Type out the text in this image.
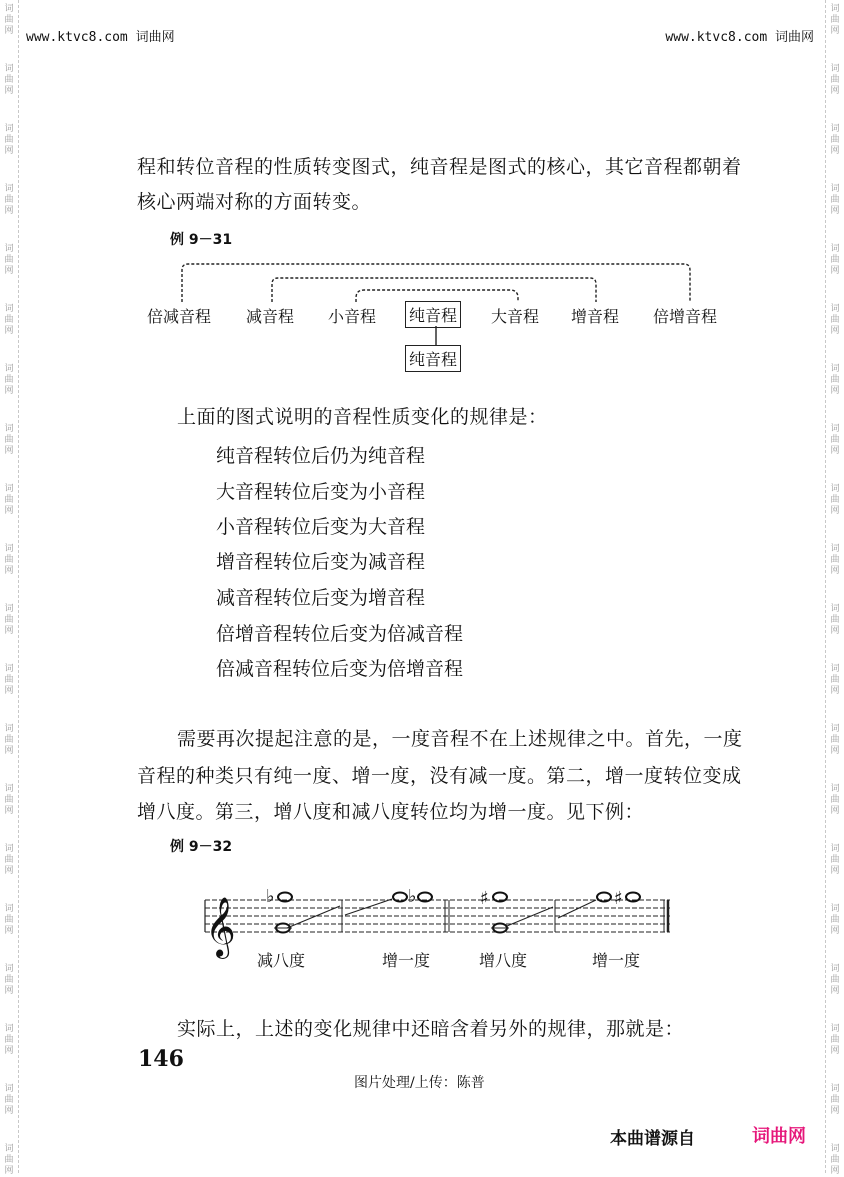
词
曲
网
词
曲
网
词
曲
网
词
曲
网
词
曲
网
词
曲
网
词
曲
网
词
曲
网
词
曲
网
词
曲
网
词
曲
网
词
曲
网
词
曲
网
词
曲
网
词
曲
网
词
曲
网
词
曲
网
词
曲
网
词
曲
网
词
曲
网
词
曲
网
词
曲
网
词
曲
网
词
曲
网
词
曲
网
词
曲
网
词
曲
网
词
曲
网
词
曲
网
词
曲
网
词
曲
网
词
曲
网
词
曲
网
词
曲
网
词
曲
网
词
曲
网
词
曲
网
词
曲
网
词
曲
网
词
曲
网
www.ktvc8.com 词曲网	www.ktvc8.com 词曲网
程和转位音程的性质转变图式，纯音程是图式的核心，其它音程都朝着
核心两端对称的方面转变。
例 9－31
倍减音程 减音程 小音程 纯音程 大音程 增音程 倍增音程
纯音程
上面的图式说明的音程性质变化的规律是：
纯音程转位后仍为纯音程
大音程转位后变为小音程
小音程转位后变为大音程
增音程转位后变为减音程
减音程转位后变为增音程
倍增音程转位后变为倍减音程
倍减音程转位后变为倍增音程
需要再次提起注意的是，一度音程不在上述规律之中。首先，一度
音程的种类只有纯一度、增一度，没有减一度。第二，增一度转位变成
增八度。第三，增八度和减八度转位均为增一度。见下例：
例 9－32
𝄞
♭	♭	♯	♯
减八度	增一度	增八度	增一度
实际上，上述的变化规律中还暗含着另外的规律，那就是：
146
图片处理/上传：陈普
本曲谱源自	词曲网
